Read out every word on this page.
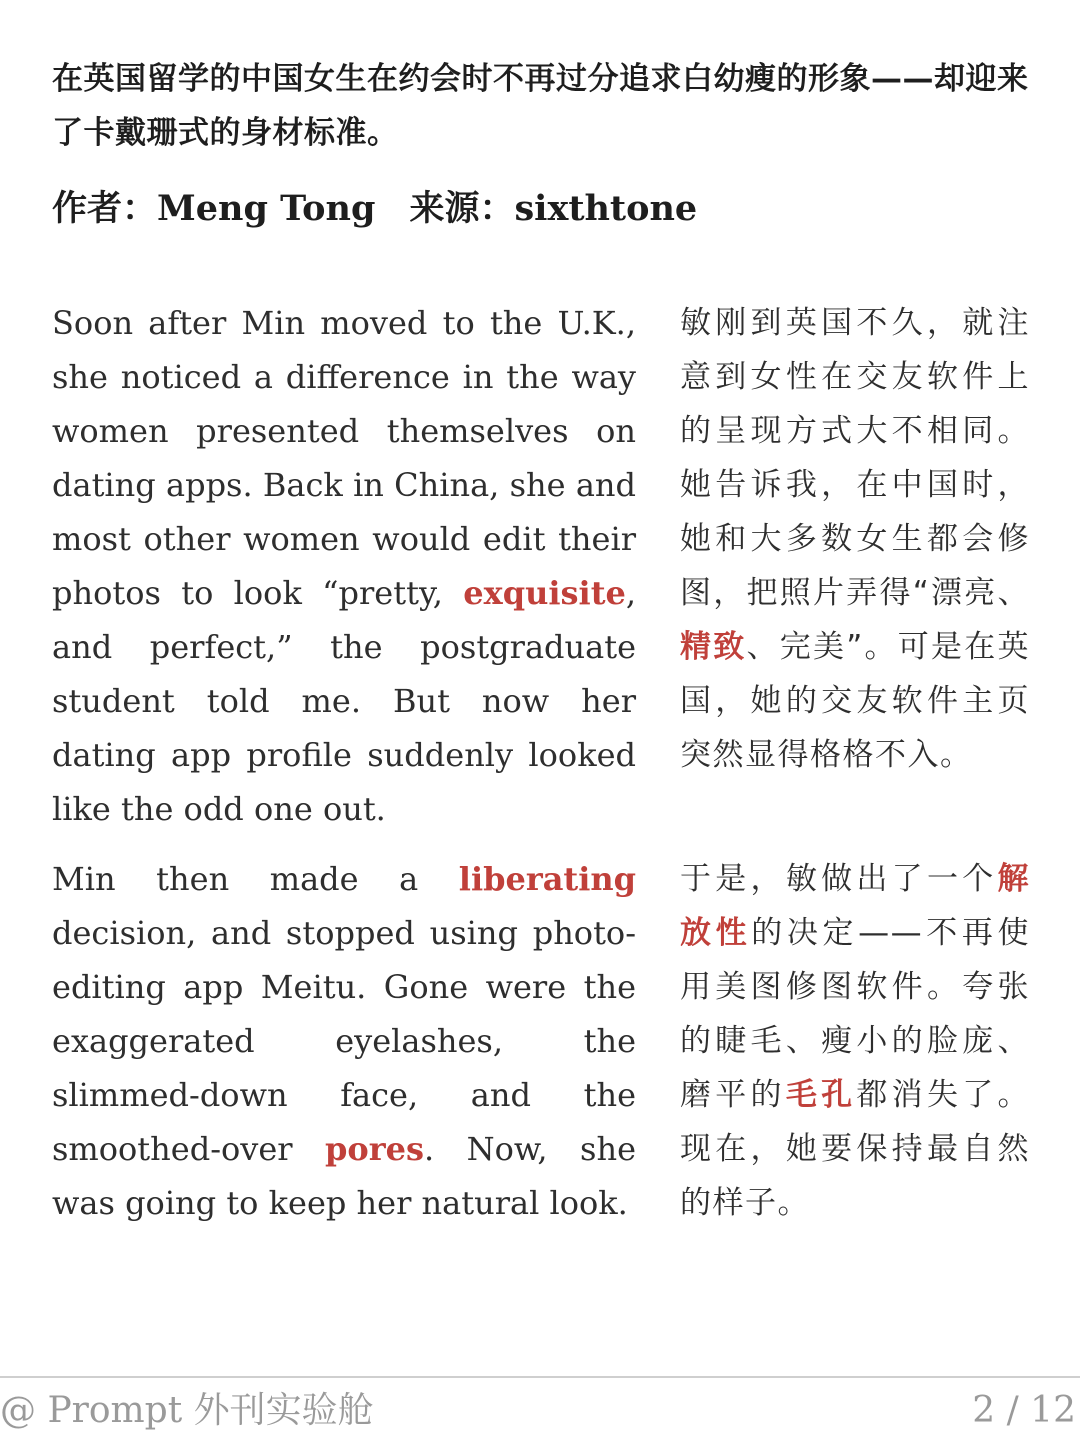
在英国留学的中国女生在约会时不再过分追求白幼瘦的形象——却迎来了卡戴珊式的身材标准。
作者：Meng Tong 来源：sixthtone

Soon after Min moved to the U.K., she noticed a difference in the way women presented themselves on dating apps. Back in China, she and most other women would edit their photos to look “pretty, exquisite, and perfect,” the postgraduate student told me. But now her dating app profile suddenly looked like the odd one out.

敏刚到英国不久，就注意到女性在交友软件上的呈现方式大不相同。她告诉我，在中国时，她和大多数女生都会修图，把照片弄得“漂亮、精致、完美”。可是在英国，她的交友软件主页突然显得格格不入。

Min then made a liberating decision, and stopped using photo-editing app Meitu. Gone were the exaggerated eyelashes, the slimmed-down face, and the smoothed-over pores. Now, she was going to keep her natural look.

于是，敏做出了一个解放性的决定——不再使用美图修图软件。夸张的睫毛、瘦小的脸庞、磨平的毛孔都消失了。现在，她要保持最自然的样子。

@ Prompt 外刊实验舱	2 / 12
